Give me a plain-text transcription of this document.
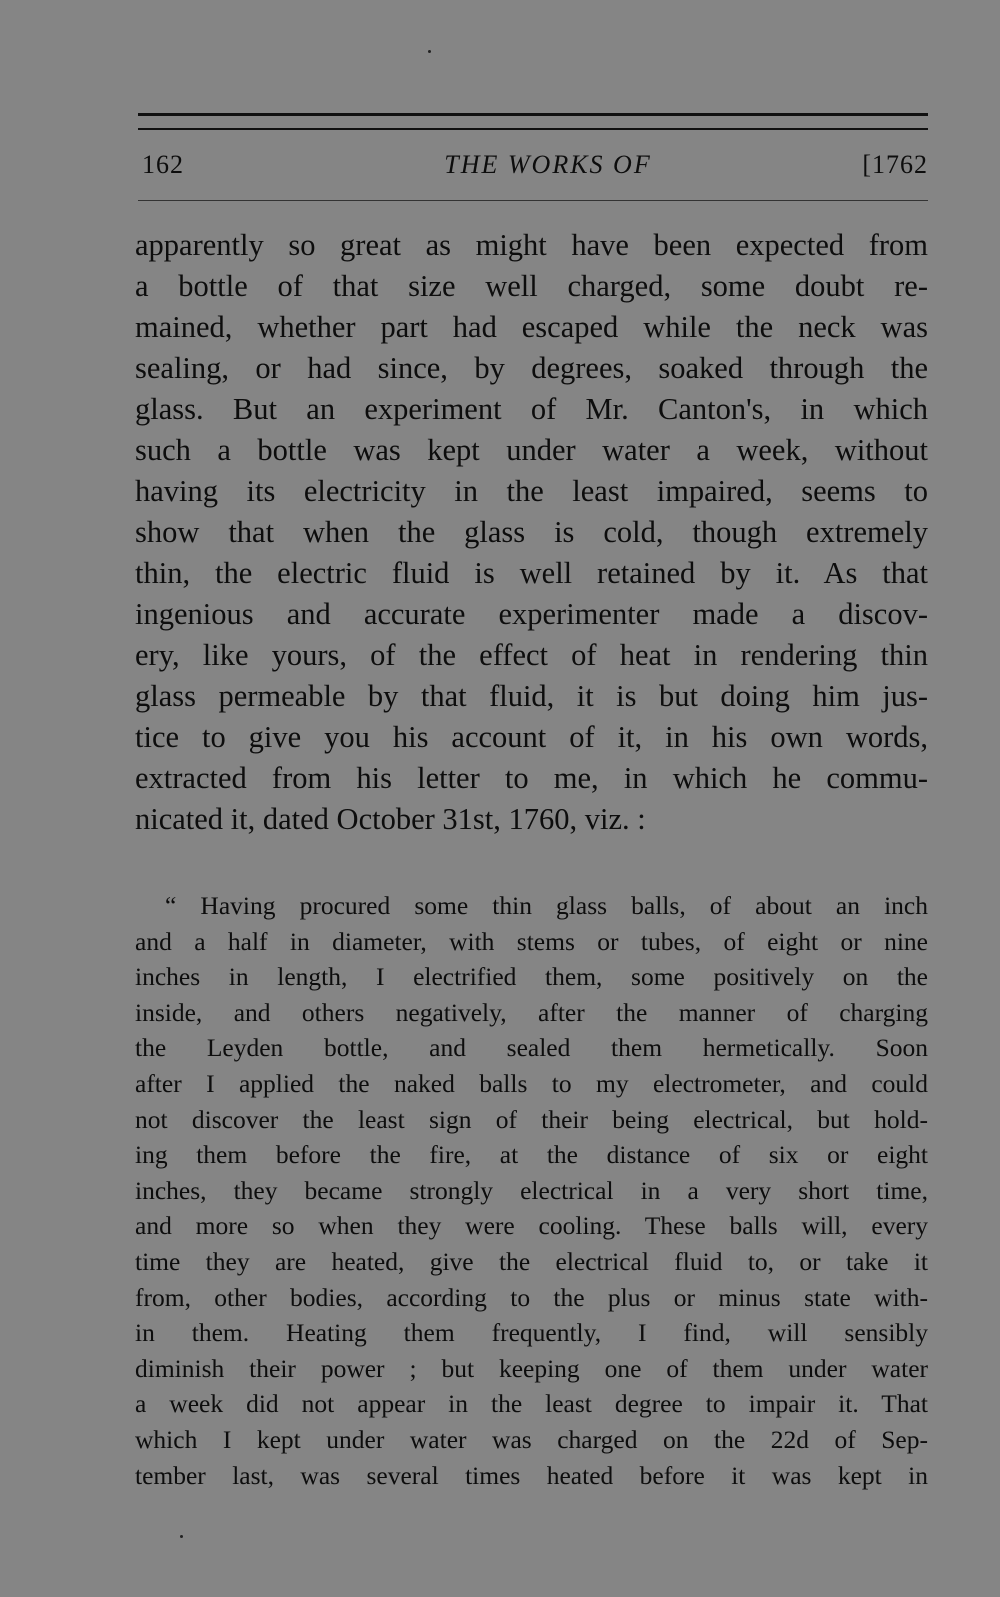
162	THE WORKS OF	[1762
apparently so great as might have been expected from
a bottle of that size well charged, some doubt re-
mained, whether part had escaped while the neck was
sealing, or had since, by degrees, soaked through the
glass. But an experiment of Mr. Canton's, in which
such a bottle was kept under water a week, without
having its electricity in the least impaired, seems to
show that when the glass is cold, though extremely
thin, the electric fluid is well retained by it. As that
ingenious and accurate experimenter made a discov-
ery, like yours, of the effect of heat in rendering thin
glass permeable by that fluid, it is but doing him jus-
tice to give you his account of it, in his own words,
extracted from his letter to me, in which he commu-
nicated it, dated October 31st, 1760, viz. :
“ Having procured some thin glass balls, of about an inch
and a half in diameter, with stems or tubes, of eight or nine
inches in length, I electrified them, some positively on the
inside, and others negatively, after the manner of charging
the Leyden bottle, and sealed them hermetically. Soon
after I applied the naked balls to my electrometer, and could
not discover the least sign of their being electrical, but hold-
ing them before the fire, at the distance of six or eight
inches, they became strongly electrical in a very short time,
and more so when they were cooling. These balls will, every
time they are heated, give the electrical fluid to, or take it
from, other bodies, according to the plus or minus state with-
in them. Heating them frequently, I find, will sensibly
diminish their power ; but keeping one of them under water
a week did not appear in the least degree to impair it. That
which I kept under water was charged on the 22d of Sep-
tember last, was several times heated before it was kept in
